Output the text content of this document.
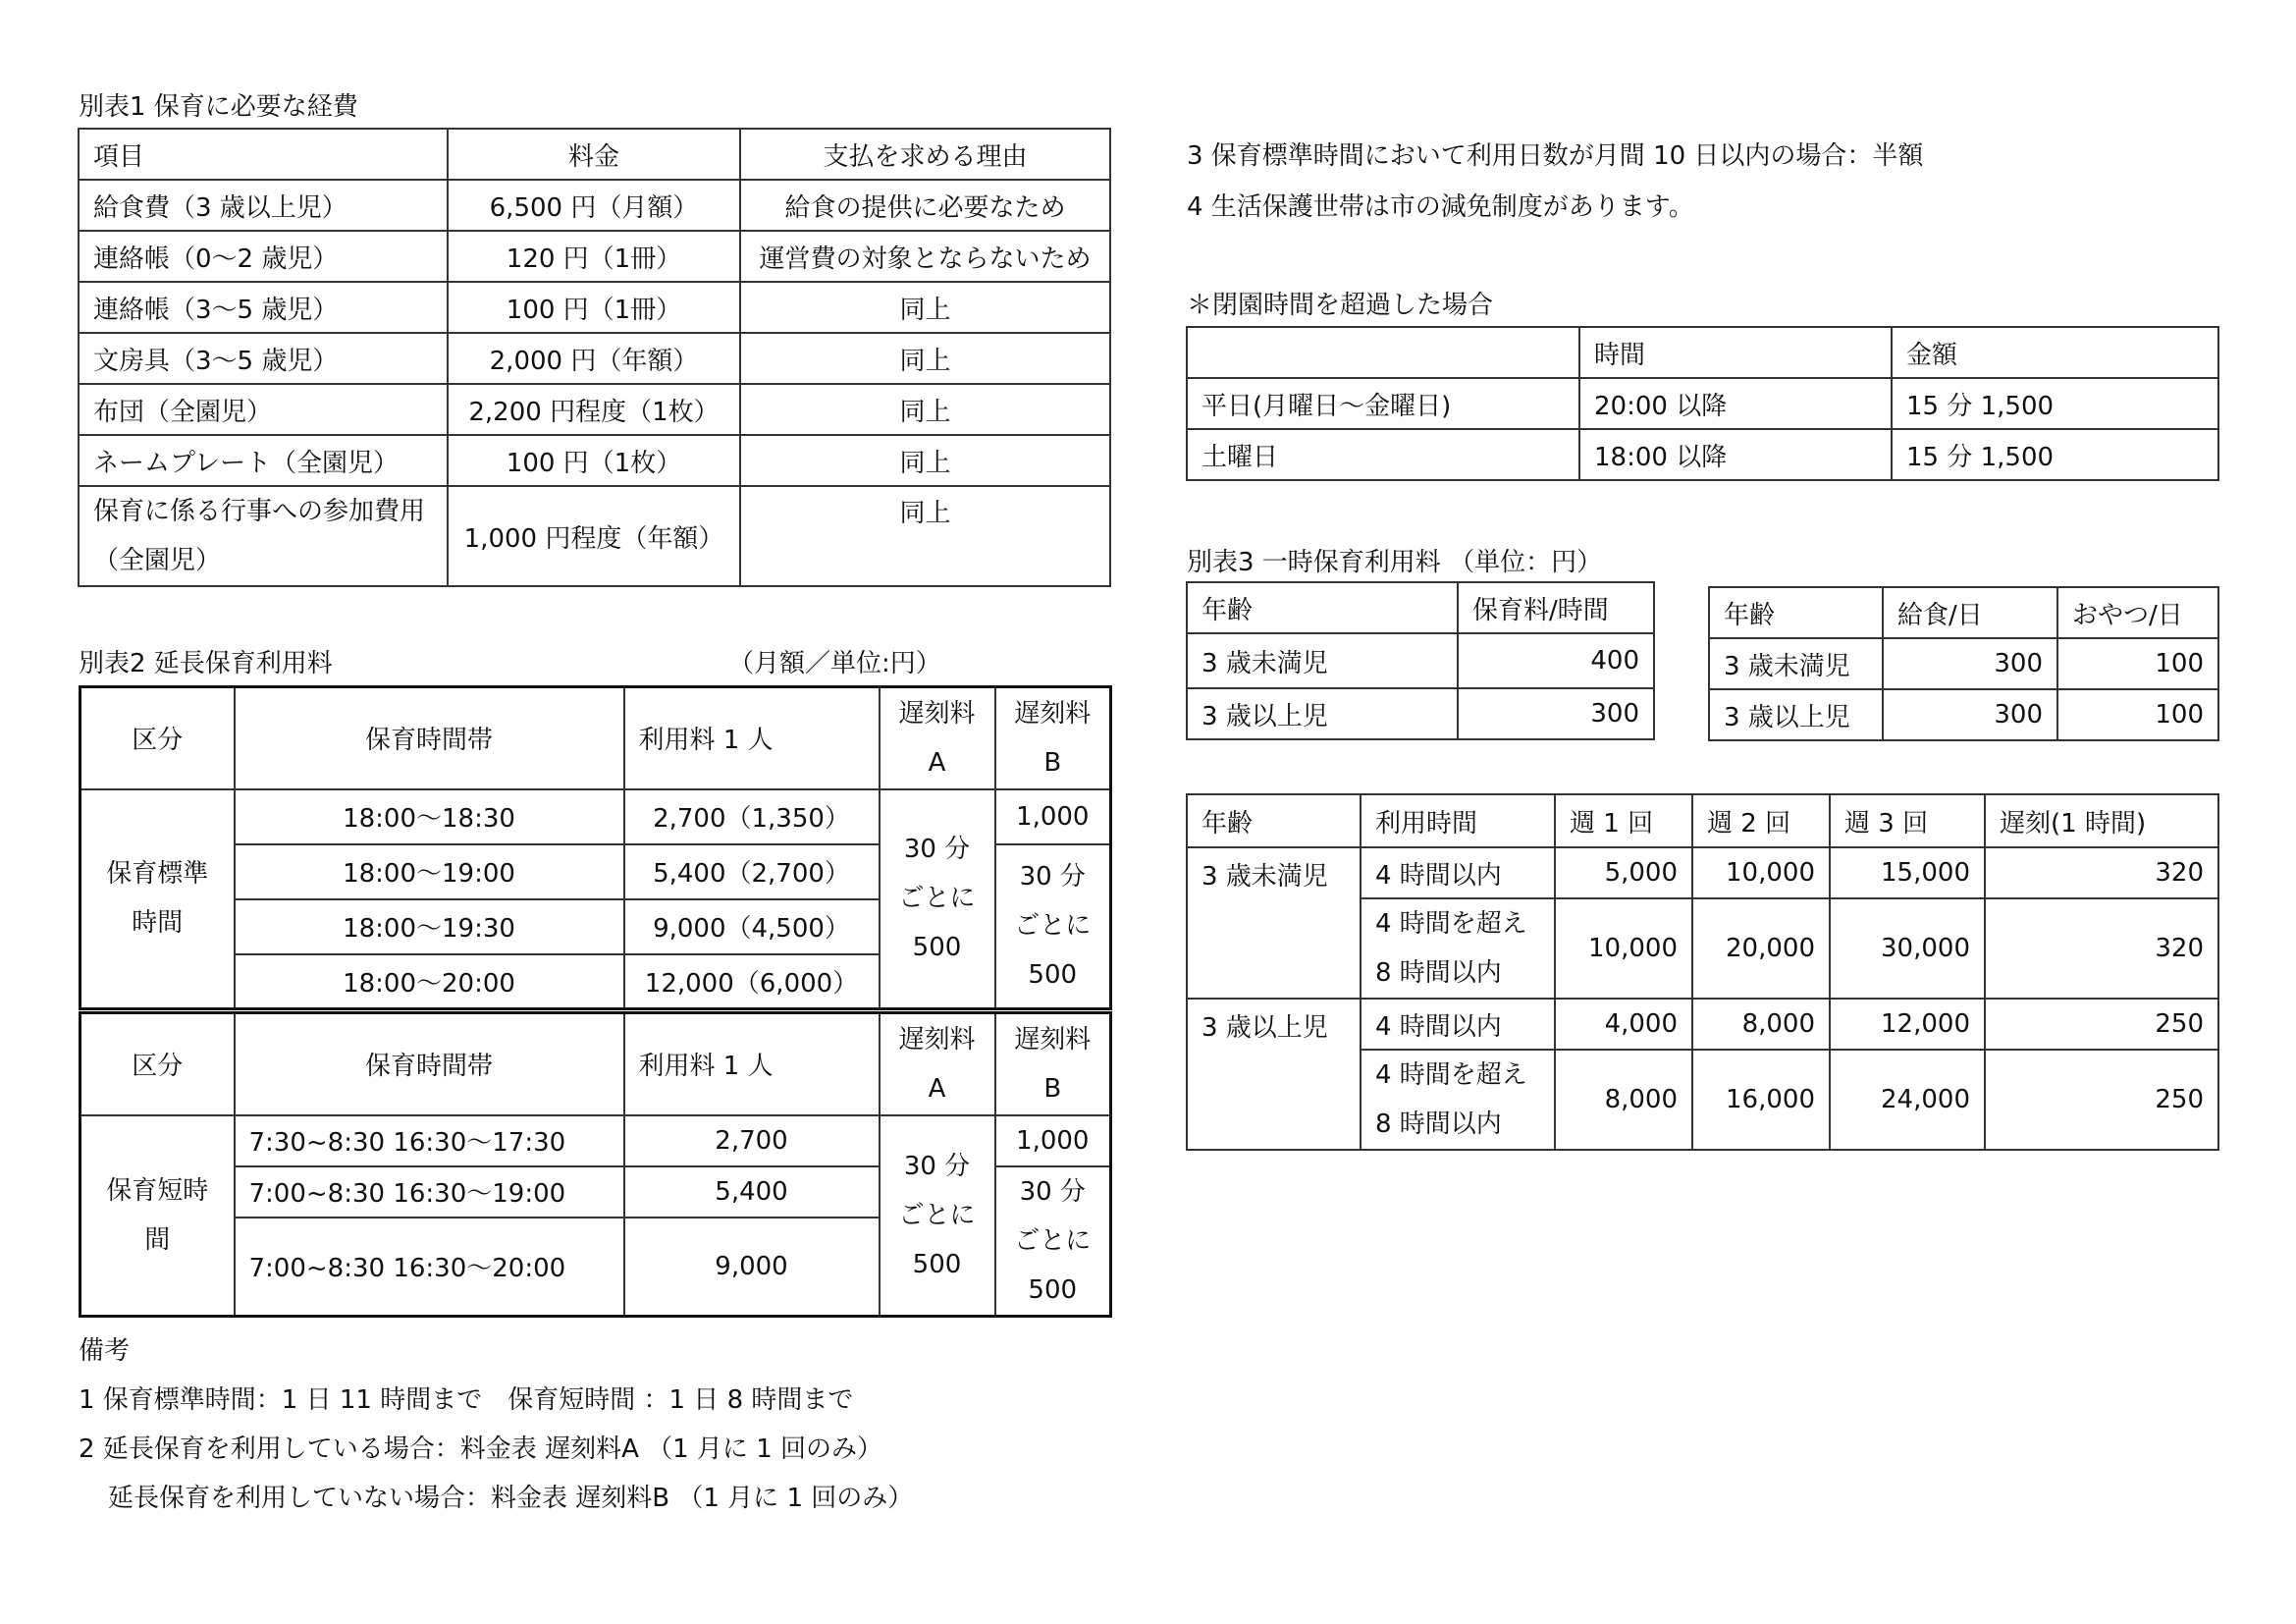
別表1 保育に必要な経費
項目	料金	支払を求める理由
給食費（3 歳以上児）	6,500 円（月額）	給食の提供に必要なため
連絡帳（0～2 歳児）	120 円（1冊）	運営費の対象とならないため
連絡帳（3～5 歳児）	100 円（1冊）	同上
文房具（3～5 歳児）	2,000 円（年額）	同上
布団（全園児）	2,200 円程度（1枚）	同上
ネームプレート（全園児）	100 円（1枚）	同上
保育に係る行事への参加費用（全園児）	1,000 円程度（年額）	同上
別表2 延長保育利用料	（月額／単位:円）
区分	保育時間帯	利用料 1 人	遅刻料A	遅刻料B
保育標準時間	18:00～18:30	2,700（1,350）	30 分ごとに 500	1,000
	18:00～19:00	5,400（2,700）		30 分ごとに 500
	18:00～19:30	9,000（4,500）		
	18:00～20:00	12,000（6,000）		
区分	保育時間帯	利用料 1 人	遅刻料A	遅刻料B
保育短時間	7:30~8:30 16:30～17:30	2,700	30 分ごとに 500	1,000
	7:00~8:30 16:30～19:00	5,400		30 分ごとに 500
	7:00~8:30 16:30～20:00	9,000		
備考
1 保育標準時間：1 日 11 時間まで　保育短時間 ：1 日 8 時間まで
2 延長保育を利用している場合：料金表 遅刻料A （1 月に 1 回のみ）
延長保育を利用していない場合：料金表 遅刻料B （1 月に 1 回のみ）
3 保育標準時間において利用日数が月間 10 日以内の場合：半額
4 生活保護世帯は市の減免制度があります。
＊閉園時間を超過した場合
	時間	金額
平日(月曜日～金曜日)	20:00 以降	15 分 1,500
土曜日	18:00 以降	15 分 1,500
別表3 一時保育利用料 （単位：円）
年齢	保育料/時間
3 歳未満児	400
3 歳以上児	300
年齢	給食/日	おやつ/日
3 歳未満児	300	100
3 歳以上児	300	100
年齢	利用時間	週 1 回	週 2 回	週 3 回	遅刻(1 時間)
3 歳未満児	4 時間以内	5,000	10,000	15,000	320
	4 時間を超え 8 時間以内	10,000	20,000	30,000	320
3 歳以上児	4 時間以内	4,000	8,000	12,000	250
	4 時間を超え 8 時間以内	8,000	16,000	24,000	250
